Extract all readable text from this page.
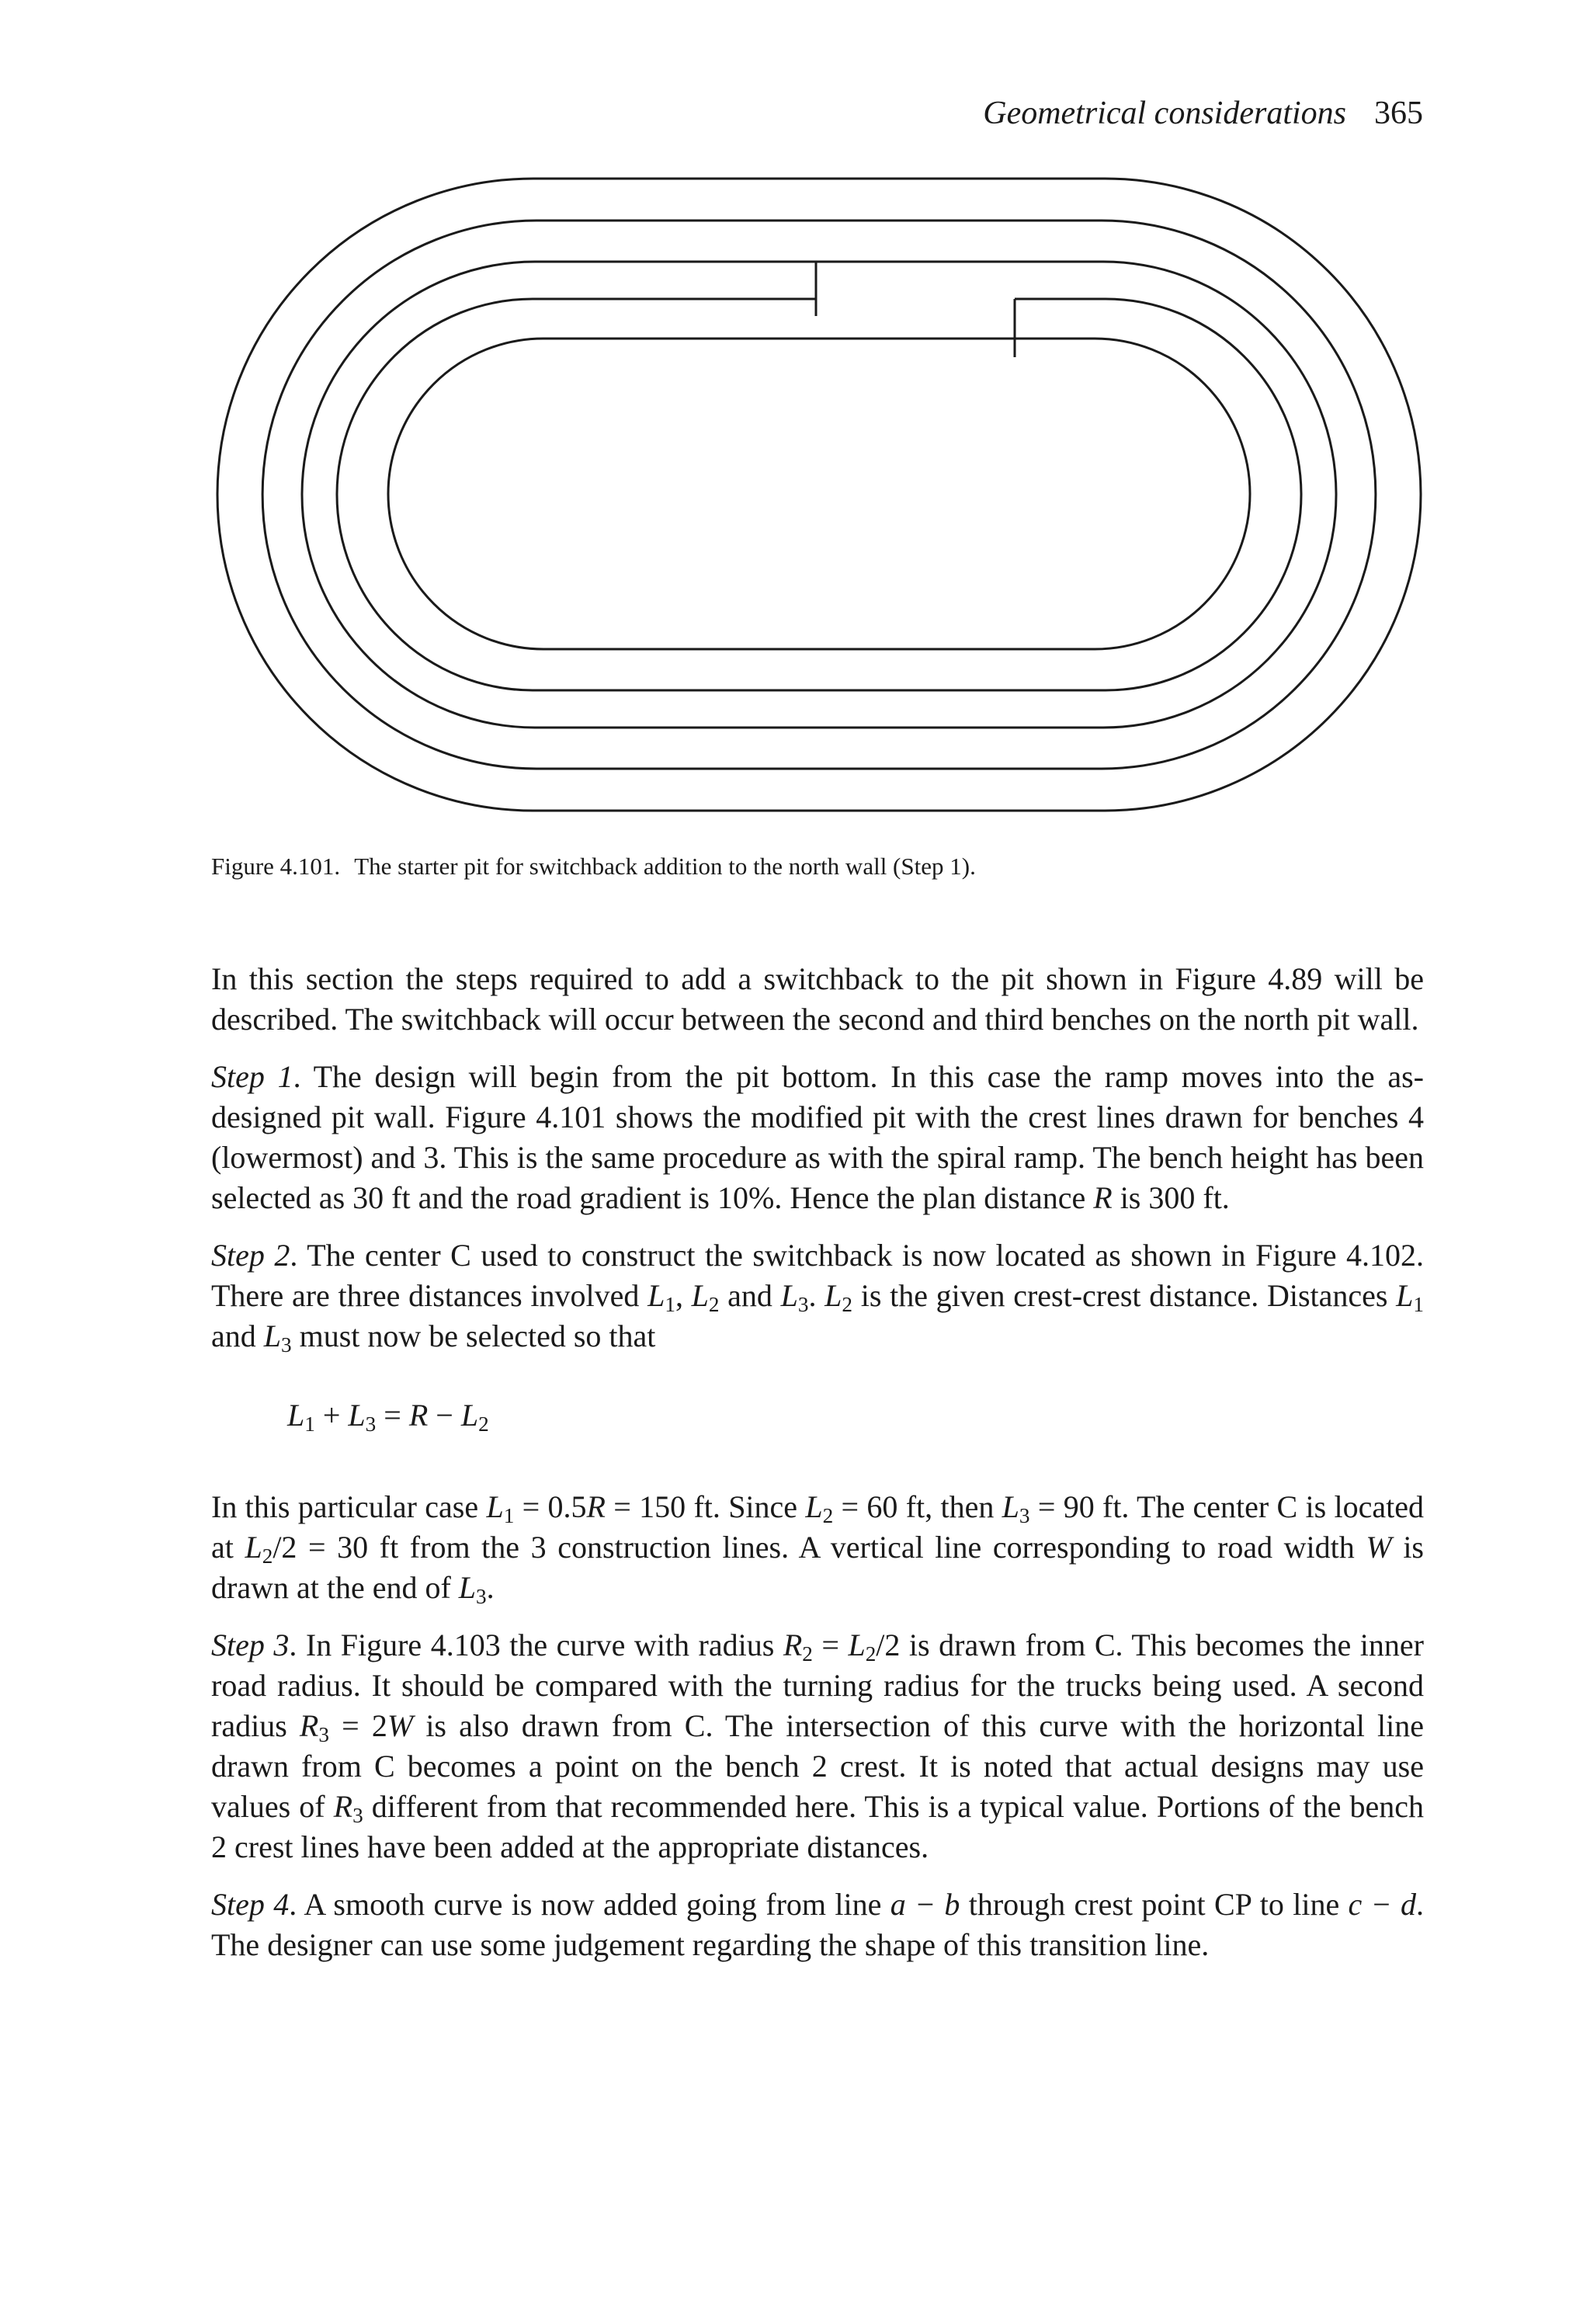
Geometrical considerations 365
Figure 4.101. The starter pit for switchback addition to the north wall (Step 1).

In this section the steps required to add a switchback to the pit shown in Figure 4.89 will be described. The switchback will occur between the second and third benches on the north pit wall.

Step 1. The design will begin from the pit bottom. In this case the ramp moves into the as-designed pit wall. Figure 4.101 shows the modified pit with the crest lines drawn for benches 4 (lowermost) and 3. This is the same procedure as with the spiral ramp. The bench height has been selected as 30 ft and the road gradient is 10%. Hence the plan distance R is 300 ft.

Step 2. The center C used to construct the switchback is now located as shown in Figure 4.102. There are three distances involved $L_1$, $L_2$ and $L_3$. $L_2$ is the given crest-crest distance. Distances $L_1$ and $L_3$ must now be selected so that

$L_1 + L_3 = R - L_2$

In this particular case $L_1 = 0.5R = 150$ ft. Since $L_2 = 60$ ft, then $L_3 = 90$ ft. The center C is located at $L_2/2 = 30$ ft from the 3 construction lines. A vertical line corresponding to road width W is drawn at the end of $L_3$.

Step 3. In Figure 4.103 the curve with radius $R_2 = L_2/2$ is drawn from C. This becomes the inner road radius. It should be compared with the turning radius for the trucks being used. A second radius $R_3 = 2W$ is also drawn from C. The intersection of this curve with the horizontal line drawn from C becomes a point on the bench 2 crest. It is noted that actual designs may use values of $R_3$ different from that recommended here. This is a typical value. Portions of the bench 2 crest lines have been added at the appropriate distances.

Step 4. A smooth curve is now added going from line a − b through crest point CP to line c − d. The designer can use some judgement regarding the shape of this transition line.
